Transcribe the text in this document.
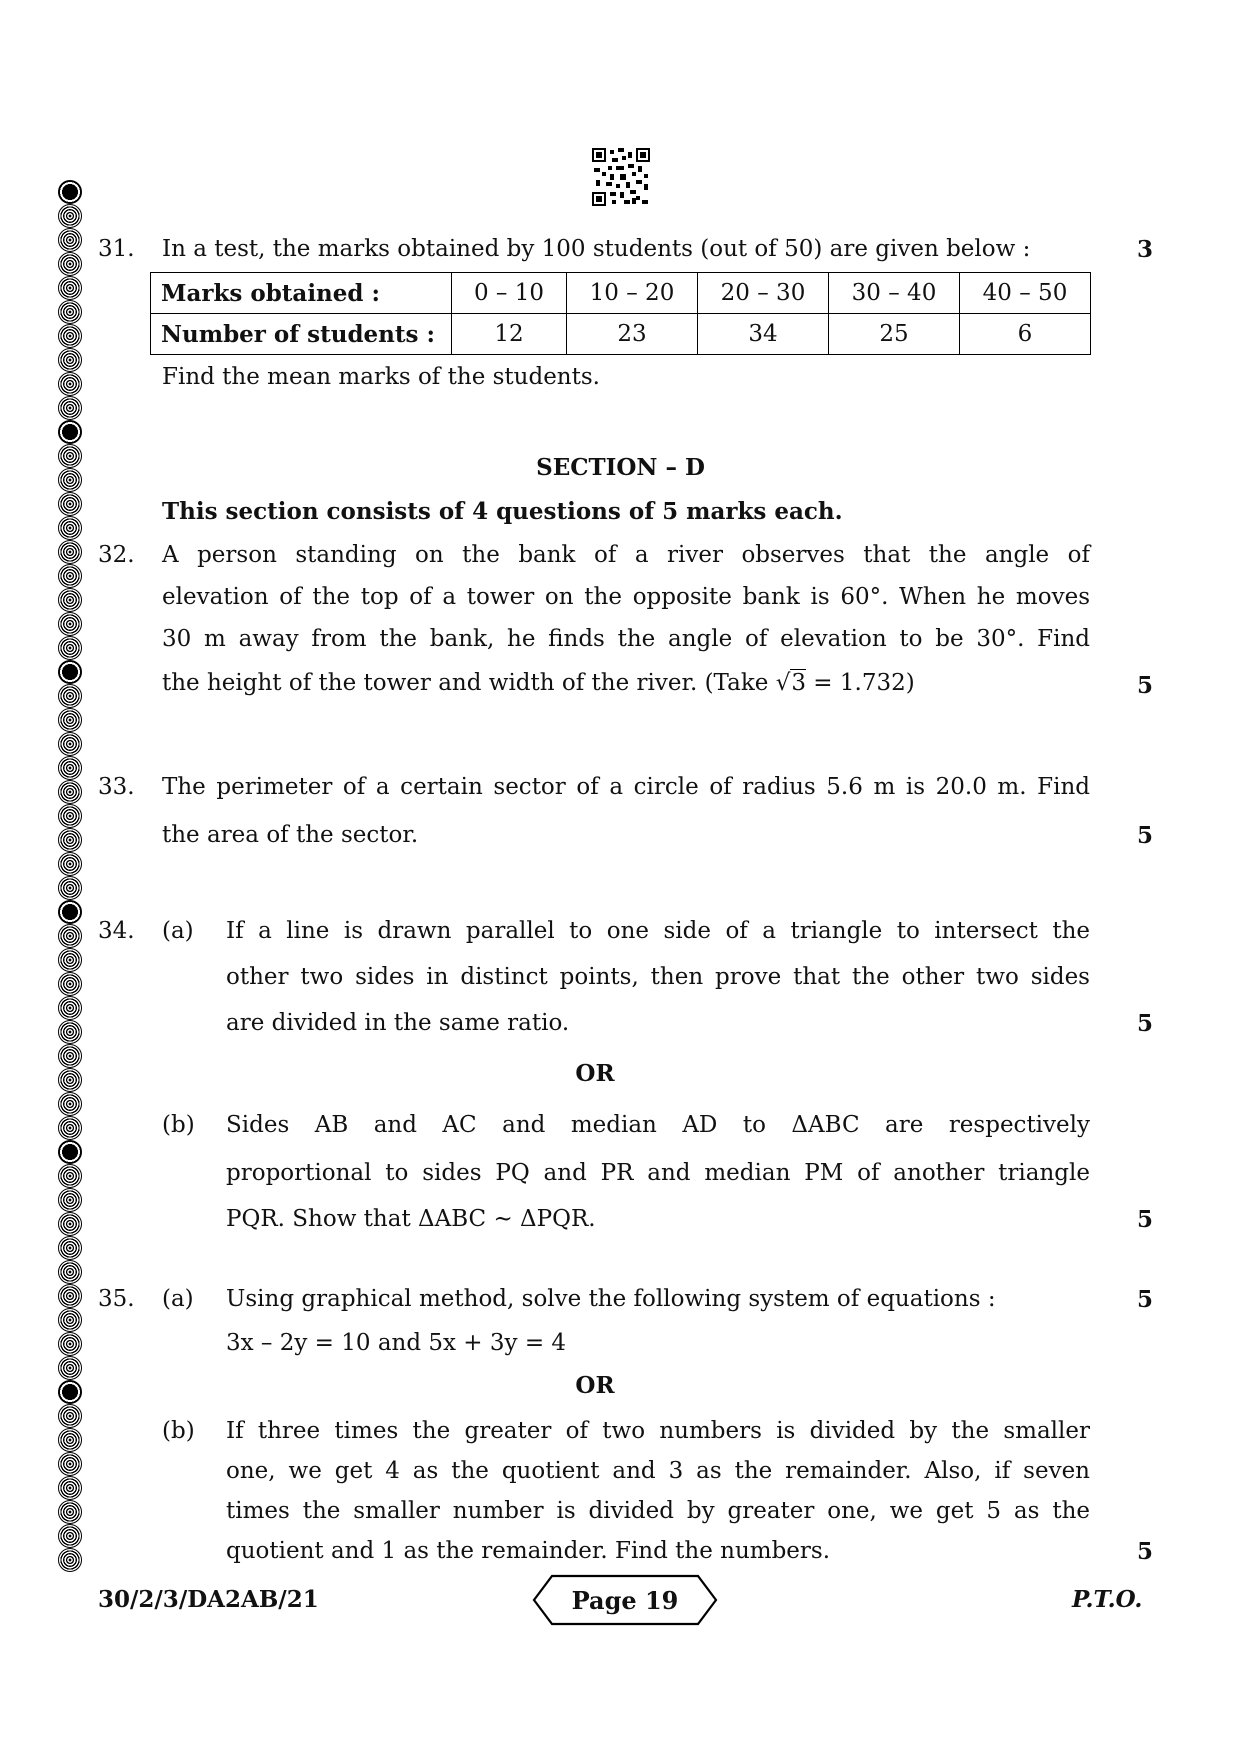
31. In a test, the marks obtained by 100 students (out of 50) are given below :	3
Marks obtained :	0 – 10	10 – 20	20 – 30	30 – 40	40 – 50
Number of students :	12	23	34	25	6
Find the mean marks of the students.
SECTION – D
This section consists of 4 questions of 5 marks each.
32. A person standing on the bank of a river observes that the angle of
elevation of the top of a tower on the opposite bank is 60°. When he moves
30 m away from the bank, he finds the angle of elevation to be 30°. Find
the height of the tower and width of the river. (Take √3 = 1.732)	5
33. The perimeter of a certain sector of a circle of radius 5.6 m is 20.0 m. Find
the area of the sector.	5
34. (a) If a line is drawn parallel to one side of a triangle to intersect the
other two sides in distinct points, then prove that the other two sides
are divided in the same ratio.	5
OR
(b) Sides AB and AC and median AD to ΔABC are respectively
proportional to sides PQ and PR and median PM of another triangle
PQR. Show that ΔABC ~ ΔPQR.	5
35. (a) Using graphical method, solve the following system of equations :	5
3x – 2y = 10 and 5x + 3y = 4
OR
(b) If three times the greater of two numbers is divided by the smaller
one, we get 4 as the quotient and 3 as the remainder. Also, if seven
times the smaller number is divided by greater one, we get 5 as the
quotient and 1 as the remainder. Find the numbers.	5
30/2/3/DA2AB/21	Page 19	P.T.O.
